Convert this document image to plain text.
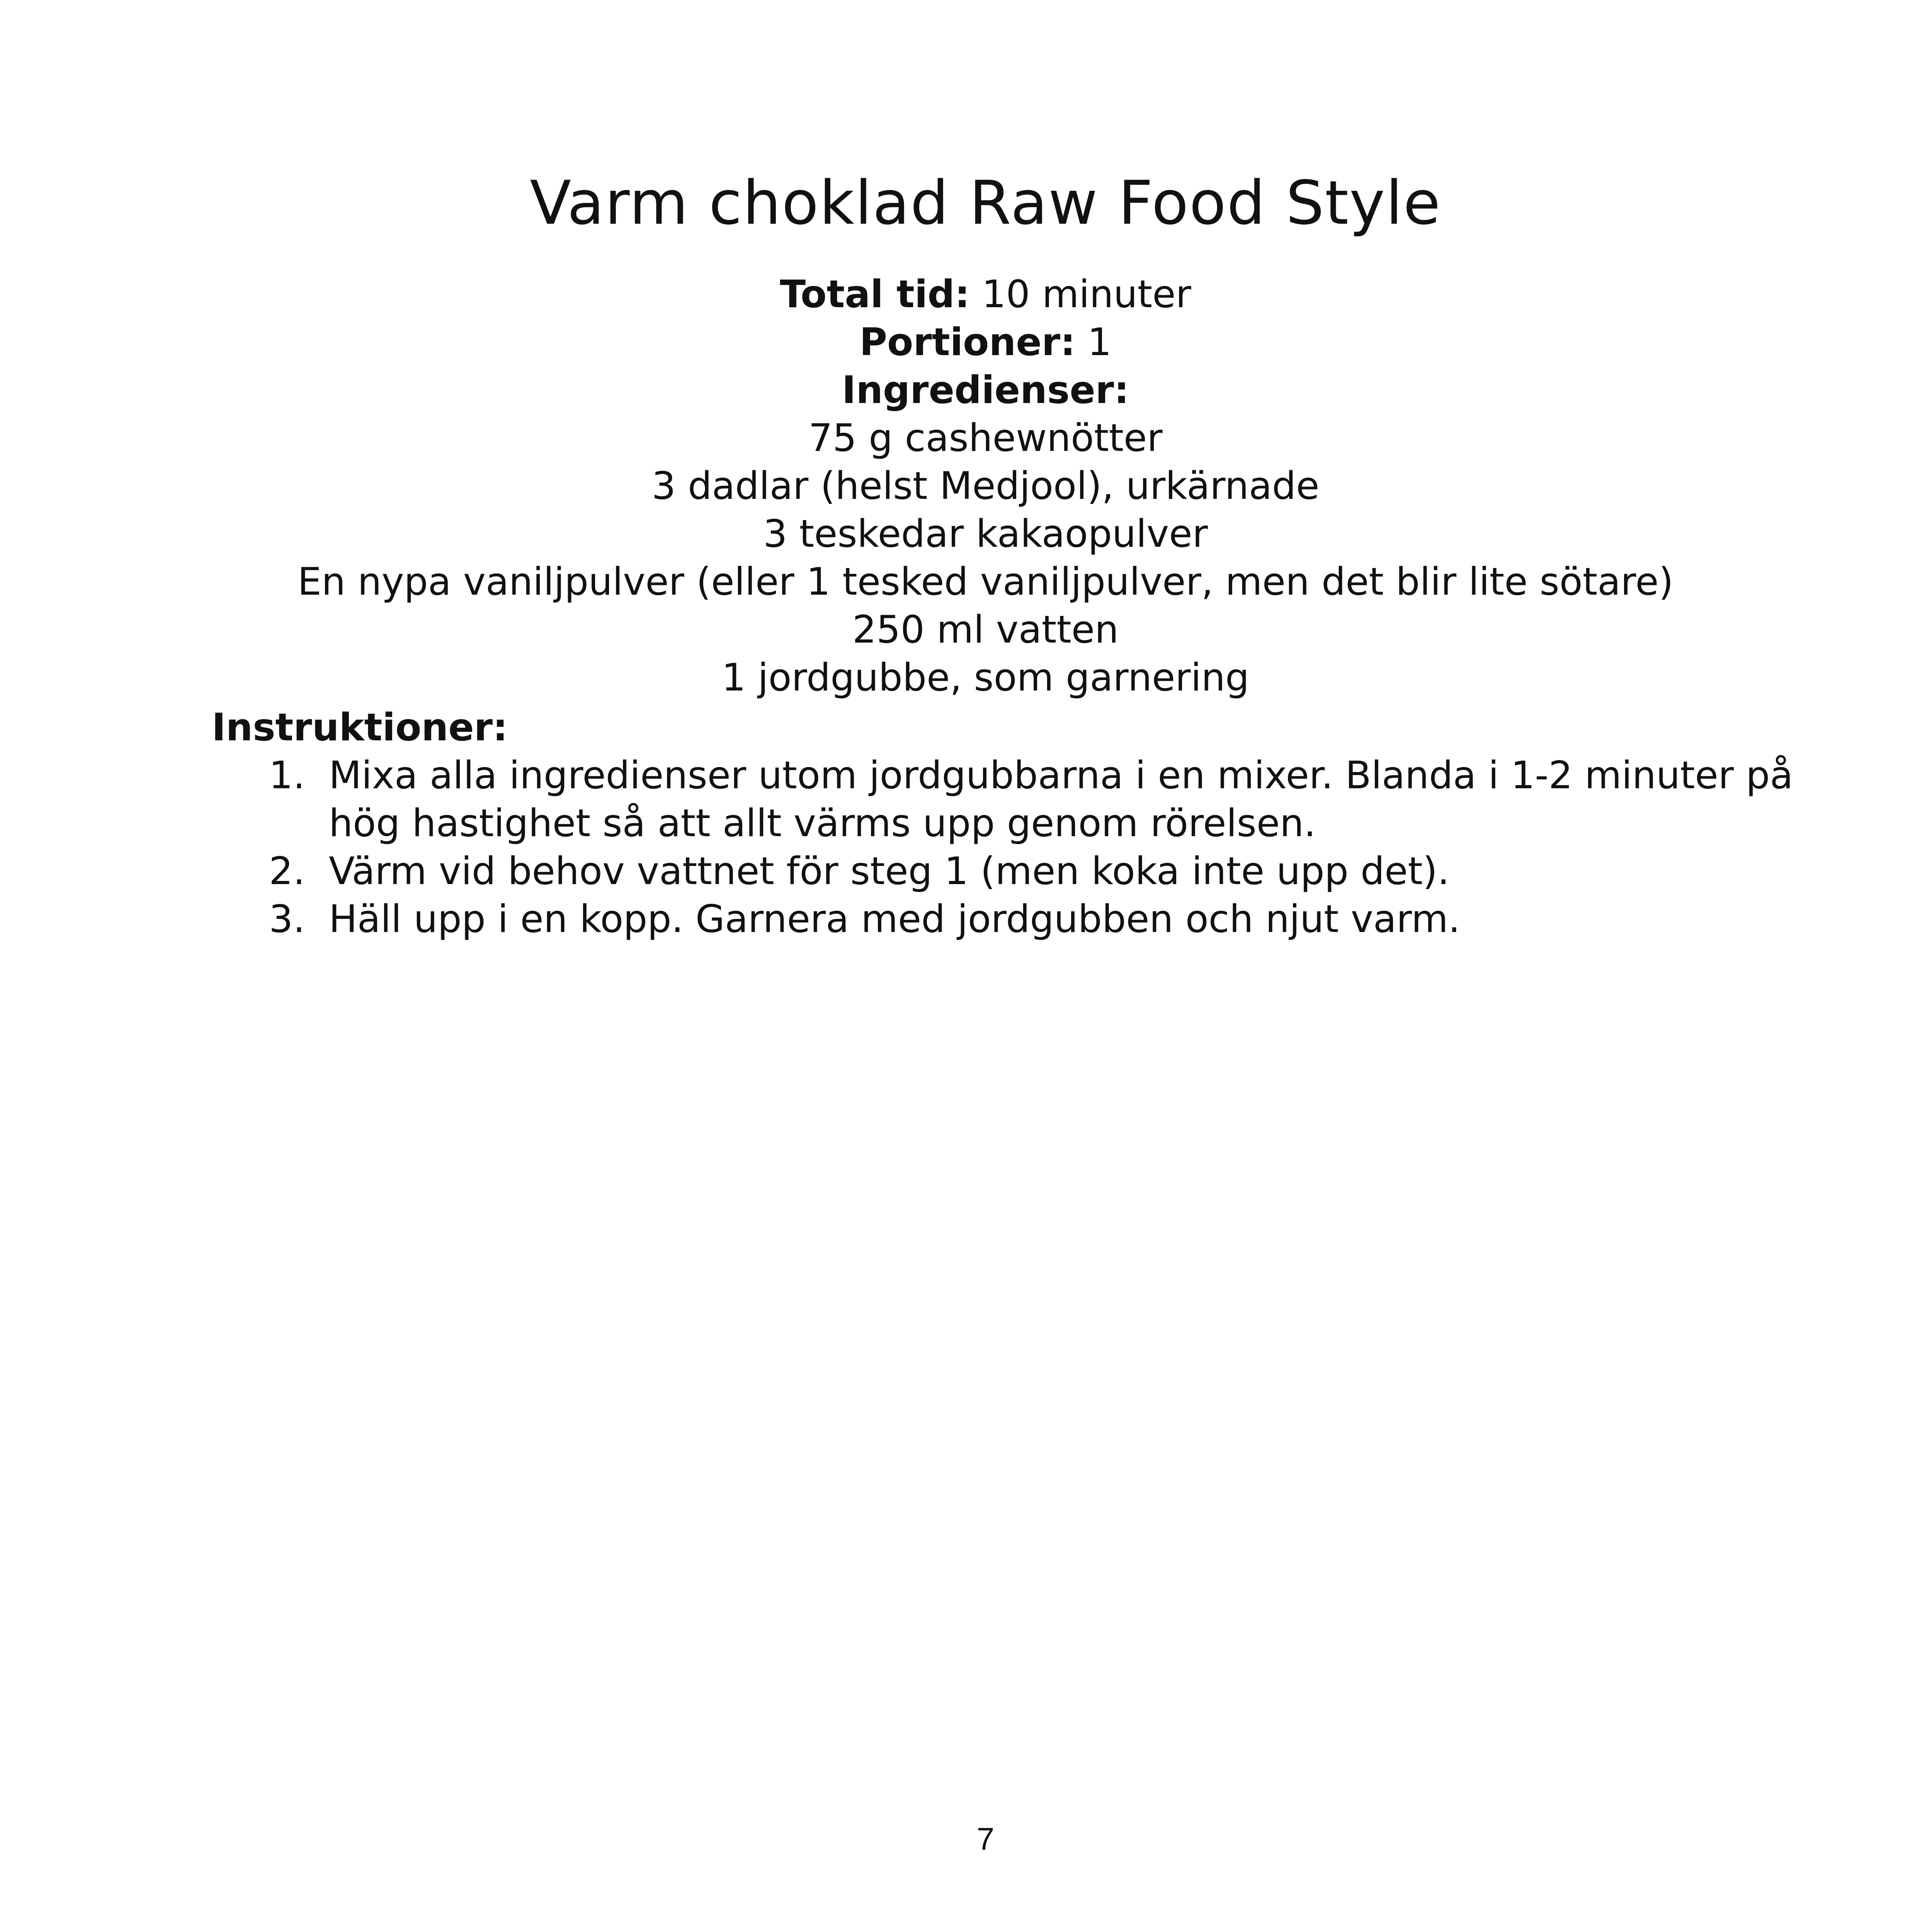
Varm choklad Raw Food Style
Total tid: 10 minuter
Portioner: 1
Ingredienser:
75 g cashewnötter
3 dadlar (helst Medjool), urkärnade
3 teskedar kakaopulver
En nypa vaniljpulver (eller 1 tesked vaniljpulver, men det blir lite sötare)
250 ml vatten
1 jordgubbe, som garnering
Instruktioner:
1. Mixa alla ingredienser utom jordgubbarna i en mixer. Blanda i 1-2 minuter på
hög hastighet så att allt värms upp genom rörelsen.
2. Värm vid behov vattnet för steg 1 (men koka inte upp det).
3. Häll upp i en kopp. Garnera med jordgubben och njut varm.
7
